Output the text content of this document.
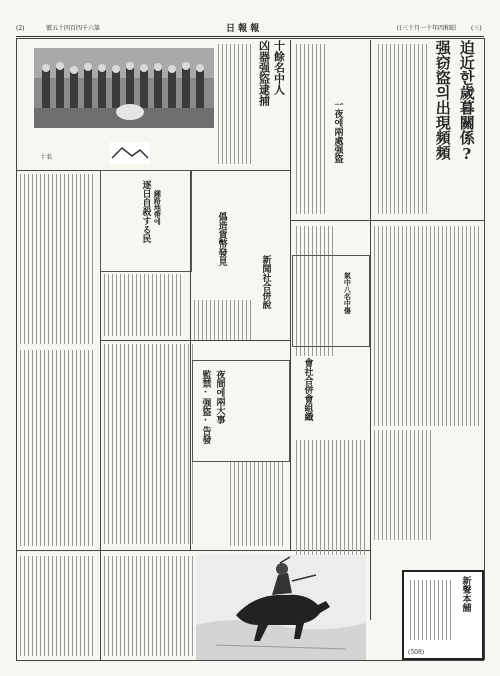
(2)	號五十四百四千六第	日 報 報	日三十月一十年四和昭 (三)
迫近한歲暮關係?
强窃盜의出現頻頻
十餘名中人
凶器强盜逮捕
一夜에兩處强盜
僞造貨幣發見
鍾路地帶에
逐日自殺する民
新聞社合併說
夜間에兩大事
監禁·强盜·告發	會社合併會組織
氣中八名中傷
新聲本舗
(508)
十名
